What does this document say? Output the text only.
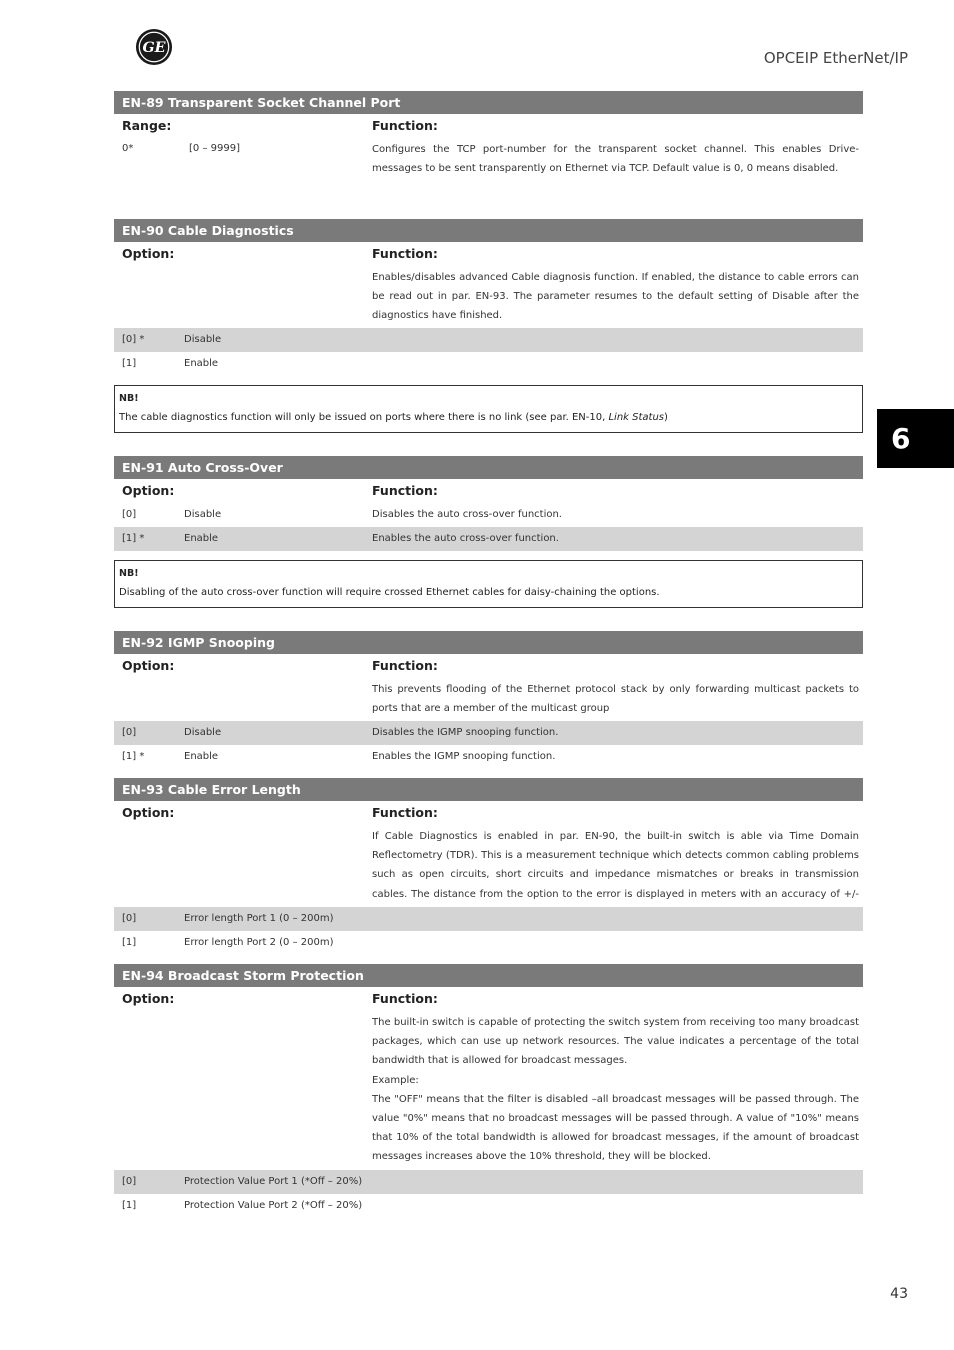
GE
OPCEIP EtherNet/IP
6
EN-89 Transparent Socket Channel Port
Range:	Function:
0*	[0 – 9999]	Configures the TCP port-number for the transparent socket channel. This enables Drive-messages to be sent transparently on Ethernet via TCP. Default value is 0, 0 means disabled.
EN-90 Cable Diagnostics
Option:	Function:
Enables/disables advanced Cable diagnosis function. If enabled, the distance to cable errors can be read out in par. EN-93. The parameter resumes to the default setting of Disable after the diagnostics have finished.
[0] *	Disable
[1]	Enable
NB!
The cable diagnostics function will only be issued on ports where there is no link (see par. EN-10, Link Status)
EN-91 Auto Cross-Over
Option:	Function:
[0]	Disable	Disables the auto cross-over function.
[1] *	Enable	Enables the auto cross-over function.
NB!
Disabling of the auto cross-over function will require crossed Ethernet cables for daisy-chaining the options.
EN-92 IGMP Snooping
Option:	Function:
This prevents flooding of the Ethernet protocol stack by only forwarding multicast packets to ports that are a member of the multicast group
[0]	Disable	Disables the IGMP snooping function.
[1] *	Enable	Enables the IGMP snooping function.
EN-93 Cable Error Length
Option:	Function:
If Cable Diagnostics is enabled in par. EN-90, the built-in switch is able via Time Domain Reflectometry (TDR). This is a measurement technique which detects common cabling problems such as open circuits, short circuits and impedance mismatches or breaks in transmission cables. The distance from the option to the error is displayed in meters with an accuracy of +/-
[0]	Error length Port 1 (0 – 200m)
[1]	Error length Port 2 (0 – 200m)
EN-94 Broadcast Storm Protection
Option:	Function:
The built-in switch is capable of protecting the switch system from receiving too many broadcast packages, which can use up network resources. The value indicates a percentage of the total bandwidth that is allowed for broadcast messages.
Example:
The "OFF" means that the filter is disabled –all broadcast messages will be passed through. The value "0%" means that no broadcast messages will be passed through. A value of "10%" means that 10% of the total bandwidth is allowed for broadcast messages, if the amount of broadcast messages increases above the 10% threshold, they will be blocked.
[0]	Protection Value Port 1 (*Off – 20%)
[1]	Protection Value Port 2 (*Off – 20%)
43
